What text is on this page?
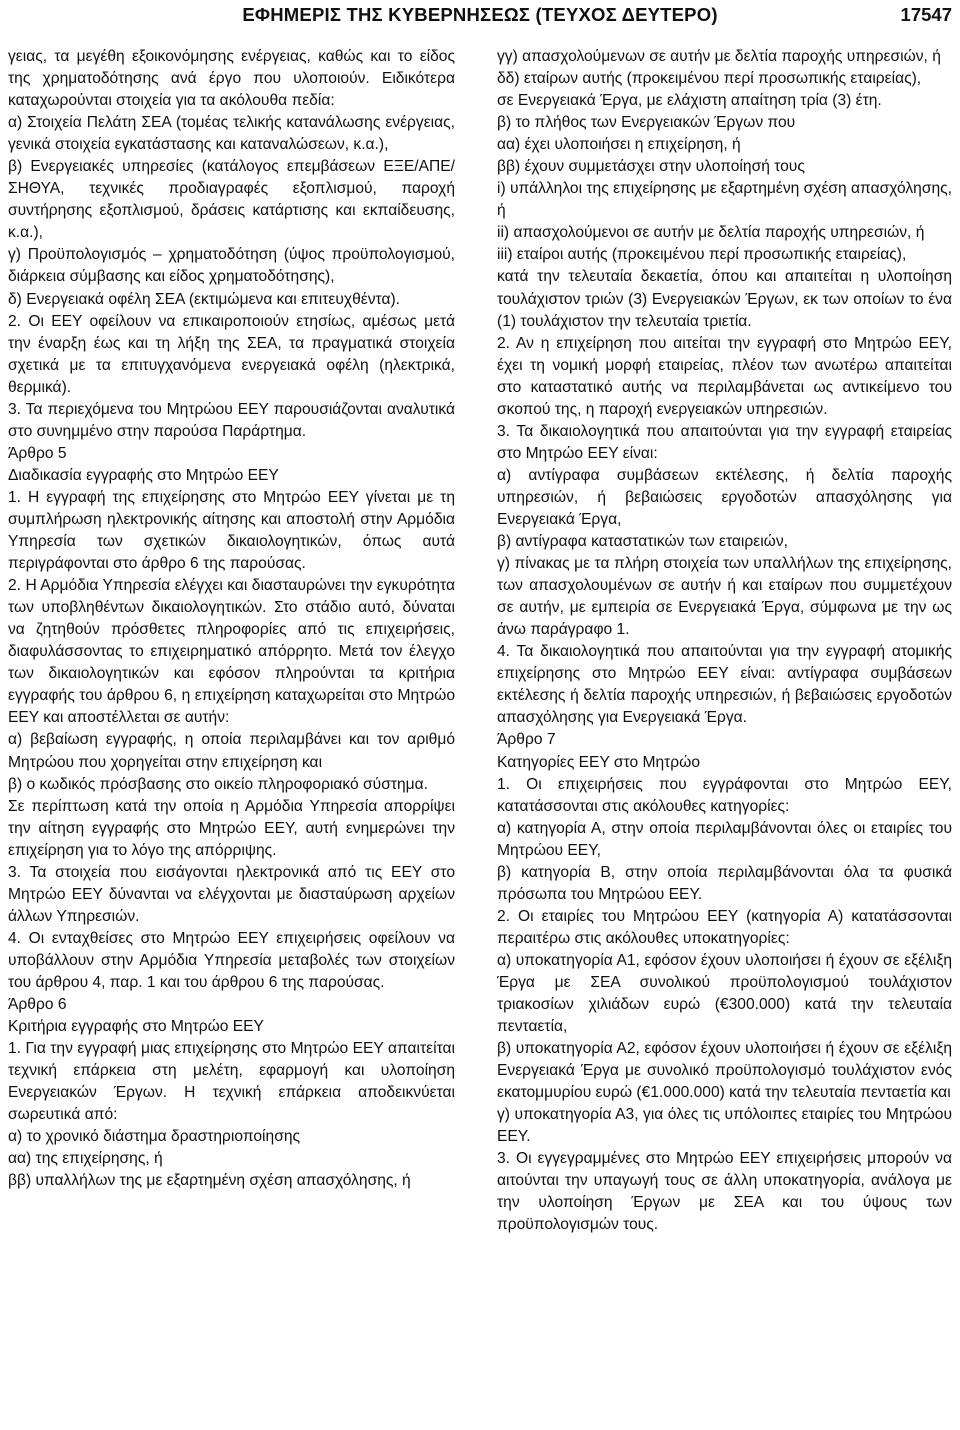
ΕΦΗΜΕΡΙΣ ΤΗΣ ΚΥΒΕΡΝΗΣΕΩΣ (ΤΕΥΧΟΣ ΔΕΥΤΕΡΟ)	17547

γειας, τα μεγέθη εξοικονόμησης ενέργειας, καθώς και το είδος της χρηματοδότησης ανά έργο που υλοποιούν. Ειδικότερα καταχωρούνται στοιχεία για τα ακόλουθα πεδία:

α) Στοιχεία Πελάτη ΣΕΑ (τομέας τελικής κατανάλωσης ενέργειας, γενικά στοιχεία εγκατάστασης και καταναλώσεων, κ.α.),

β) Ενεργειακές υπηρεσίες (κατάλογος επεμβάσεων ΕΞΕ/ΑΠΕ/ΣΗΘΥΑ, τεχνικές προδιαγραφές εξοπλισμού, παροχή συντήρησης εξοπλισμού, δράσεις κατάρτισης και εκπαίδευσης, κ.α.),

γ) Προϋπολογισμός – χρηματοδότηση (ύψος προϋπολογισμού, διάρκεια σύμβασης και είδος χρηματοδότησης),

δ) Ενεργειακά οφέλη ΣΕΑ (εκτιμώμενα και επιτευχθέντα).

2. Οι ΕΕΥ οφείλουν να επικαιροποιούν ετησίως, αμέσως μετά την έναρξη έως και τη λήξη της ΣΕΑ, τα πραγματικά στοιχεία σχετικά με τα επιτυγχανόμενα ενεργειακά οφέλη (ηλεκτρικά, θερμικά).

3. Τα περιεχόμενα του Μητρώου ΕΕΥ παρουσιάζονται αναλυτικά στο συνημμένο στην παρούσα Παράρτημα.

Άρθρο 5

Διαδικασία εγγραφής στο Μητρώο ΕΕΥ

1. Η εγγραφή της επιχείρησης στο Μητρώο ΕΕΥ γίνεται με τη συμπλήρωση ηλεκτρονικής αίτησης και αποστολή στην Αρμόδια Υπηρεσία των σχετικών δικαιολογητικών, όπως αυτά περιγράφονται στο άρθρο 6 της παρούσας.

2. Η Αρμόδια Υπηρεσία ελέγχει και διασταυρώνει την εγκυρότητα των υποβληθέντων δικαιολογητικών. Στο στάδιο αυτό, δύναται να ζητηθούν πρόσθετες πληροφορίες από τις επιχειρήσεις, διαφυλάσσοντας το επιχειρηματικό απόρρητο. Μετά τον έλεγχο των δικαιολογητικών και εφόσον πληρούνται τα κριτήρια εγγραφής του άρθρου 6, η επιχείρηση καταχωρείται στο Μητρώο ΕΕΥ και αποστέλλεται σε αυτήν:

α) βεβαίωση εγγραφής, η οποία περιλαμβάνει και τον αριθμό Μητρώου που χορηγείται στην επιχείρηση και

β) ο κωδικός πρόσβασης στο οικείο πληροφοριακό σύστημα.

Σε περίπτωση κατά την οποία η Αρμόδια Υπηρεσία απορρίψει την αίτηση εγγραφής στο Μητρώο ΕΕΥ, αυτή ενημερώνει την επιχείρηση για το λόγο της απόρριψης.

3. Τα στοιχεία που εισάγονται ηλεκτρονικά από τις ΕΕΥ στο Μητρώο ΕΕΥ δύνανται να ελέγχονται με διασταύρωση αρχείων άλλων Υπηρεσιών.

4. Οι ενταχθείσες στο Μητρώο ΕΕΥ επιχειρήσεις οφείλουν να υποβάλλουν στην Αρμόδια Υπηρεσία μεταβολές των στοιχείων του άρθρου 4, παρ. 1 και του άρθρου 6 της παρούσας.

Άρθρο 6

Κριτήρια εγγραφής στο Μητρώο ΕΕΥ

1. Για την εγγραφή μιας επιχείρησης στο Μητρώο ΕΕΥ απαιτείται τεχνική επάρκεια στη μελέτη, εφαρμογή και υλοποίηση Ενεργειακών Έργων. Η τεχνική επάρκεια αποδεικνύεται σωρευτικά από:

α) το χρονικό διάστημα δραστηριοποίησης

αα) της επιχείρησης, ή

ββ) υπαλλήλων της με εξαρτημένη σχέση απασχόλησης, ή

γγ) απασχολούμενων σε αυτήν με δελτία παροχής υπηρεσιών, ή

δδ) εταίρων αυτής (προκειμένου περί προσωπικής εταιρείας),

σε Ενεργειακά Έργα, με ελάχιστη απαίτηση τρία (3) έτη.

β) το πλήθος των Ενεργειακών Έργων που

αα) έχει υλοποιήσει η επιχείρηση, ή

ββ) έχουν συμμετάσχει στην υλοποίησή τους

i) υπάλληλοι της επιχείρησης με εξαρτημένη σχέση απασχόλησης, ή

ii) απασχολούμενοι σε αυτήν με δελτία παροχής υπηρεσιών, ή

iii) εταίροι αυτής (προκειμένου περί προσωπικής εταιρείας),

κατά την τελευταία δεκαετία, όπου και απαιτείται η υλοποίηση τουλάχιστον τριών (3) Ενεργειακών Έργων, εκ των οποίων το ένα (1) τουλάχιστον την τελευταία τριετία.

2. Αν η επιχείρηση που αιτείται την εγγραφή στο Μητρώο ΕΕΥ, έχει τη νομική μορφή εταιρείας, πλέον των ανωτέρω απαιτείται στο καταστατικό αυτής να περιλαμβάνεται ως αντικείμενο του σκοπού της, η παροχή ενεργειακών υπηρεσιών.

3. Τα δικαιολογητικά που απαιτούνται για την εγγραφή εταιρείας στο Μητρώο ΕΕΥ είναι:

α) αντίγραφα συμβάσεων εκτέλεσης, ή δελτία παροχής υπηρεσιών, ή βεβαιώσεις εργοδοτών απασχόλησης για Ενεργειακά Έργα,

β) αντίγραφα καταστατικών των εταιρειών,

γ) πίνακας με τα πλήρη στοιχεία των υπαλλήλων της επιχείρησης, των απασχολουμένων σε αυτήν ή και εταίρων που συμμετέχουν σε αυτήν, με εμπειρία σε Ενεργειακά Έργα, σύμφωνα με την ως άνω παράγραφο 1.

4. Τα δικαιολογητικά που απαιτούνται για την εγγραφή ατομικής επιχείρησης στο Μητρώο ΕΕΥ είναι: αντίγραφα συμβάσεων εκτέλεσης ή δελτία παροχής υπηρεσιών, ή βεβαιώσεις εργοδοτών απασχόλησης για Ενεργειακά Έργα.

Άρθρο 7

Κατηγορίες ΕΕΥ στο Μητρώο

1. Οι επιχειρήσεις που εγγράφονται στο Μητρώο ΕΕΥ, κατατάσσονται στις ακόλουθες κατηγορίες:

α) κατηγορία Α, στην οποία περιλαμβάνονται όλες οι εταιρίες του Μητρώου ΕΕΥ,

β) κατηγορία Β, στην οποία περιλαμβάνονται όλα τα φυσικά πρόσωπα του Μητρώου ΕΕΥ.

2. Οι εταιρίες του Μητρώου ΕΕΥ (κατηγορία Α) κατατάσσονται περαιτέρω στις ακόλουθες υποκατηγορίες:

α) υποκατηγορία Α1, εφόσον έχουν υλοποιήσει ή έχουν σε εξέλιξη Έργα με ΣΕΑ συνολικού προϋπολογισμού τουλάχιστον τριακοσίων χιλιάδων ευρώ (€300.000) κατά την τελευταία πενταετία,

β) υποκατηγορία Α2, εφόσον έχουν υλοποιήσει ή έχουν σε εξέλιξη Ενεργειακά Έργα με συνολικό προϋπολογισμό τουλάχιστον ενός εκατομμυρίου ευρώ (€1.000.000) κατά την τελευταία πενταετία και

γ) υποκατηγορία Α3, για όλες τις υπόλοιπες εταιρίες του Μητρώου ΕΕΥ.

3. Οι εγγεγραμμένες στο Μητρώο ΕΕΥ επιχειρήσεις μπορούν να αιτούνται την υπαγωγή τους σε άλλη υποκατηγορία, ανάλογα με την υλοποίηση Έργων με ΣΕΑ και του ύψους των προϋπολογισμών τους.
